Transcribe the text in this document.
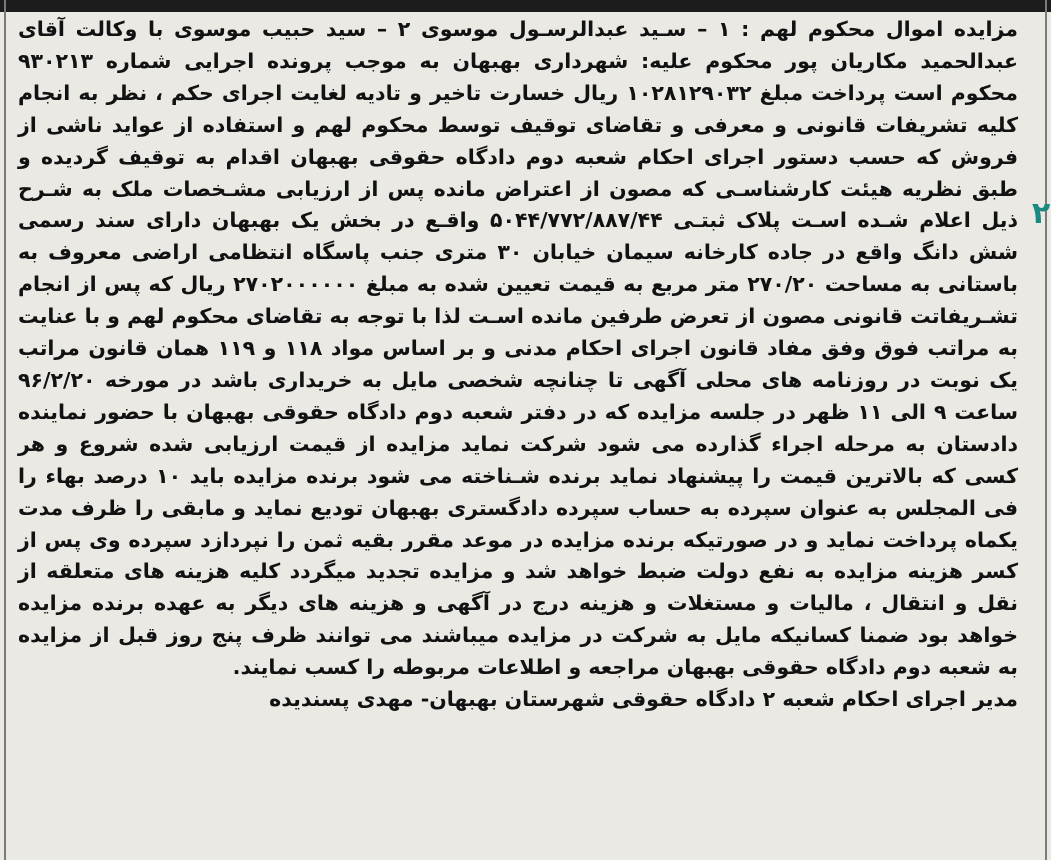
مزایده اموال محکوم لهم : ۱ – سـید عبدالرسـول موسوی ۲ – سید حبیب موسوی با وکالت آقای عبدالحمید مکاریان پور محکوم علیه: شهرداری بهبهان به موجب پرونده اجرایی شماره ۹۳۰۲۱۳ محکوم است پرداخت مبلغ ۱۰۲۸۱۲۹۰۳۲ ریال خسارت تاخیر و تادیه لغایت اجرای حکم ، نظر به انجام کلیه تشریفات قانونی و معرفی و تقاضای توقیف توسط محکوم لهم و استفاده از عواید ناشی از فروش که حسب دستور اجرای احکام شعبه دوم دادگاه حقوقی بهبهان اقدام به توقیف گردیده و طبق نظریه هیئت کارشناسـی که مصون از اعتراض مانده پس از ارزیابی مشـخصات ملک به شـرح ذیل اعلام شـده اسـت پلاک ثبتـی ۵۰۴۴/۷۷۲/۸۸۷/۴۴ واقـع در بخش یک بهبهان دارای سند رسمی شش دانگ واقع در جاده کارخانه سیمان خیابان ۳۰ متری جنب پاسگاه انتظامی اراضی معروف به باستانی به مساحت ۲۷۰/۲۰ متر مربع به قیمت تعیین شده به مبلغ ۲۷۰۲۰۰۰۰۰۰ ریال که پس از انجام تشـریفاتت قانونی مصون از تعرض طرفین مانده اسـت لذا با توجه به تقاضای محکوم لهم و با عنایت به مراتب فوق وفق مفاد قانون اجرای احکام مدنی و بر اساس مواد ۱۱۸ و ۱۱۹ همان قانون مراتب یک نوبت در روزنامه های محلی آگهی تا چنانچه شخصی مایل به خریداری باشد در مورخه ۹۶/۲/۲۰ ساعت ۹ الی ۱۱ ظهر در جلسه مزایده که در دفتر شعبه دوم دادگاه حقوقی بهبهان با حضور نماینده دادستان به مرحله اجراء گذارده می شود شرکت نماید مزایده از قیمت ارزیابی شده شروع و هر کسی که بالاترین قیمت را پیشنهاد نماید برنده شـناخته می شود برنده مزایده باید ۱۰ درصد بهاء را فی المجلس به عنوان سپرده به حساب سپرده دادگستری بهبهان تودیع نماید و مابقی را ظرف مدت یکماه پرداخت نماید و در صورتیکه برنده مزایده در موعد مقرر بقیه ثمن را نپردازد سپرده وی پس از کسر هزینه مزایده به نفع دولت ضبط خواهد شد و مزایده تجدید میگردد کلیه هزینه های متعلقه از نقل و انتقال ، مالیات و مستغلات و هزینه درج در آگهی و هزینه های دیگر به عهده برنده مزایده خواهد بود ضمنا کسانیکه مایل به شرکت در مزایده میباشند می توانند ظرف پنج روز قبل از مزایده به شعبه دوم دادگاه حقوقی بهبهان مراجعه و اطلاعات مربوطه را کسب نمایند.
مدیر اجرای احکام شعبه ۲ دادگاه حقوقی شهرستان بهبهان- مهدی پسندیده

۲
